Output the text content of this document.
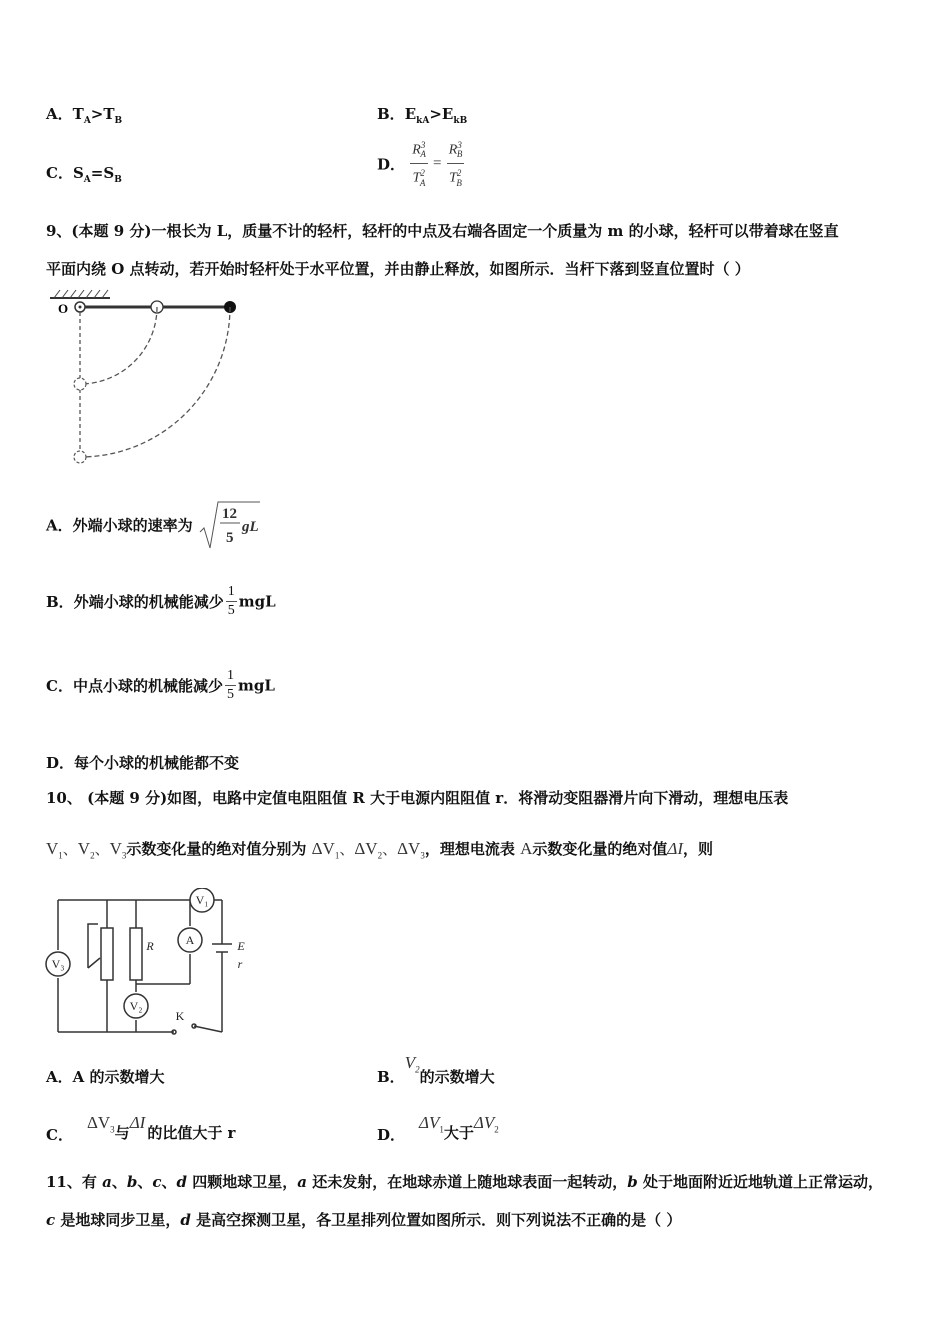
A．$T_A>T_B$	B．$E_{kA}>E_{kB}$
C．$S_A=S_B$
D． $\frac{R^3_A}{T^2_A} = \frac{R^3_B}{T^2_B}$
9、(本题 9 分)一根长为 L，质量不计的轻杆，轻杆的中点及右端各固定一个质量为 m 的小球，轻杆可以带着球在竖直
平面内绕 O 点转动，若开始时轻杆处于水平位置，并由静止释放，如图所示．当杆下落到竖直位置时（ ）
O
A．外端小球的速率为
12
5
gL
B．外端小球的机械能减少 $\frac{1}{5}$ mgL
C．中点小球的机械能减少 $\frac{1}{5}$ mgL
D．每个小球的机械能都不变
10、 (本题 9 分)如图，电路中定值电阻阻值 R 大于电源内阻阻值 r．将滑动变阻器滑片向下滑动，理想电压表
$V_1$、$V_2$、$V_3$示数变化量的绝对值分别为 $\Delta V_1$、$\Delta V_2$、$\Delta V_3$，理想电流表 A示数变化量的绝对值ΔI，则
V₁
A
V₃
V₂
R	E
r
K
A．A 的示数增大	B．$V_2$的示数增大
C．$\Delta V_3$与ΔI的比值大于 r	D．$\Delta V_1$大于$\Delta V_2$
11、有 a、b、c、d 四颗地球卫星，a 还未发射，在地球赤道上随地球表面一起转动，b 处于地面附近近地轨道上正常运动，
c 是地球同步卫星，d 是高空探测卫星，各卫星排列位置如图所示．则下列说法不正确的是（ ）
